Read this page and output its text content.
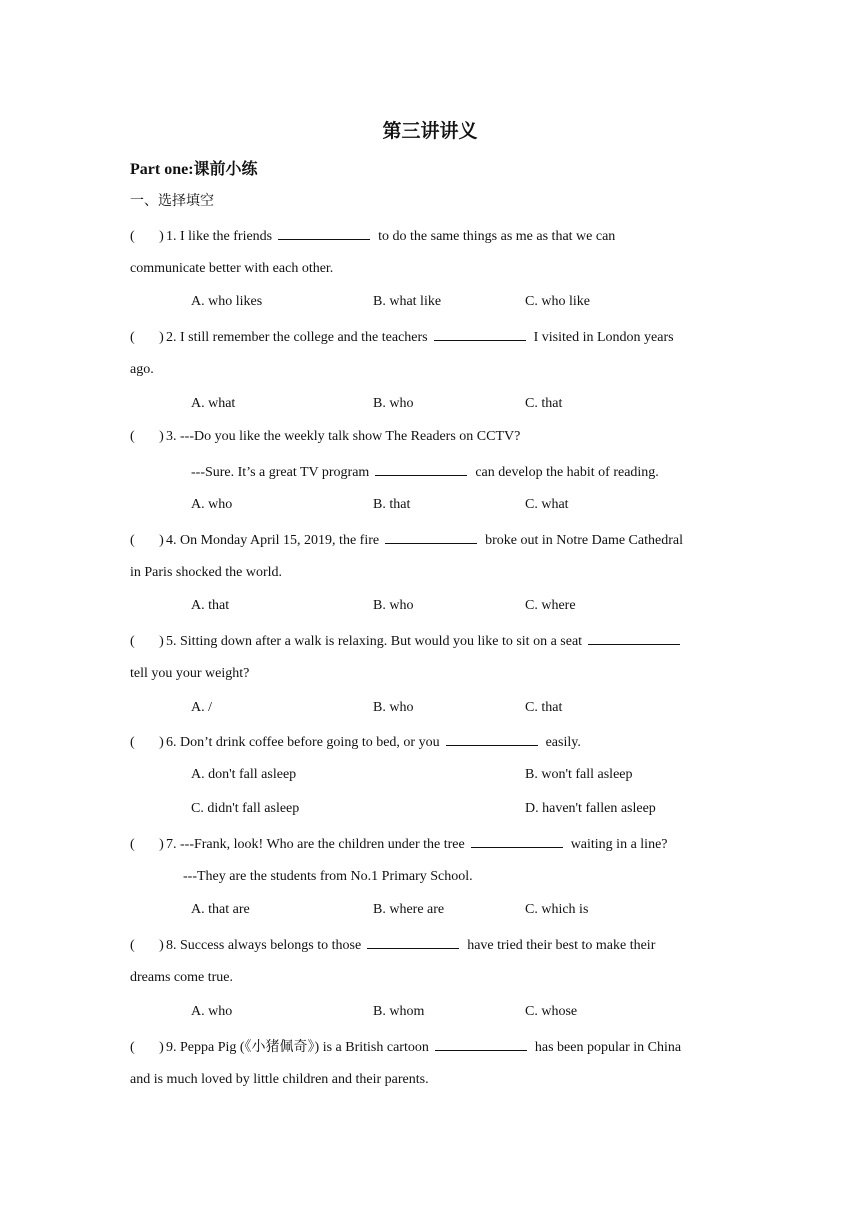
第三讲讲义
Part one:课前小练
一、选择填空
(       ) 1. I like the friends	to do the same things as me as that we can
communicate better with each other.
A. who likes	B. what like	C. who like
(       ) 2. I still remember the college and the teachers	I visited in London years
ago.
A. what	B. who	C. that
(       ) 3. ---Do you like the weekly talk show The Readers on CCTV?
---Sure. It’s a great TV program	can develop the habit of reading.
A. who	B. that	C. what
(       ) 4. On Monday April 15, 2019, the fire	broke out in Notre Dame Cathedral
in Paris shocked the world.
A. that	B. who	C. where
(       ) 5. Sitting down after a walk is relaxing. But would you like to sit on a seat
tell you your weight?
A. /	B. who	C. that
(       ) 6. Don’t drink coffee before going to bed, or you	easily.
A. don't fall asleep	B. won't fall asleep
C. didn't fall asleep	D. haven't fallen asleep
(       ) 7. ---Frank, look! Who are the children under the tree	waiting in a line?
---They are the students from No.1 Primary School.
A. that are	B. where are	C. which is
(       ) 8. Success always belongs to those	have tried their best to make their
dreams come true.
A. who	B. whom	C. whose
(       ) 9. Peppa Pig (《小猪佩奇》) is a British cartoon	has been popular in China
and is much loved by little children and their parents.
